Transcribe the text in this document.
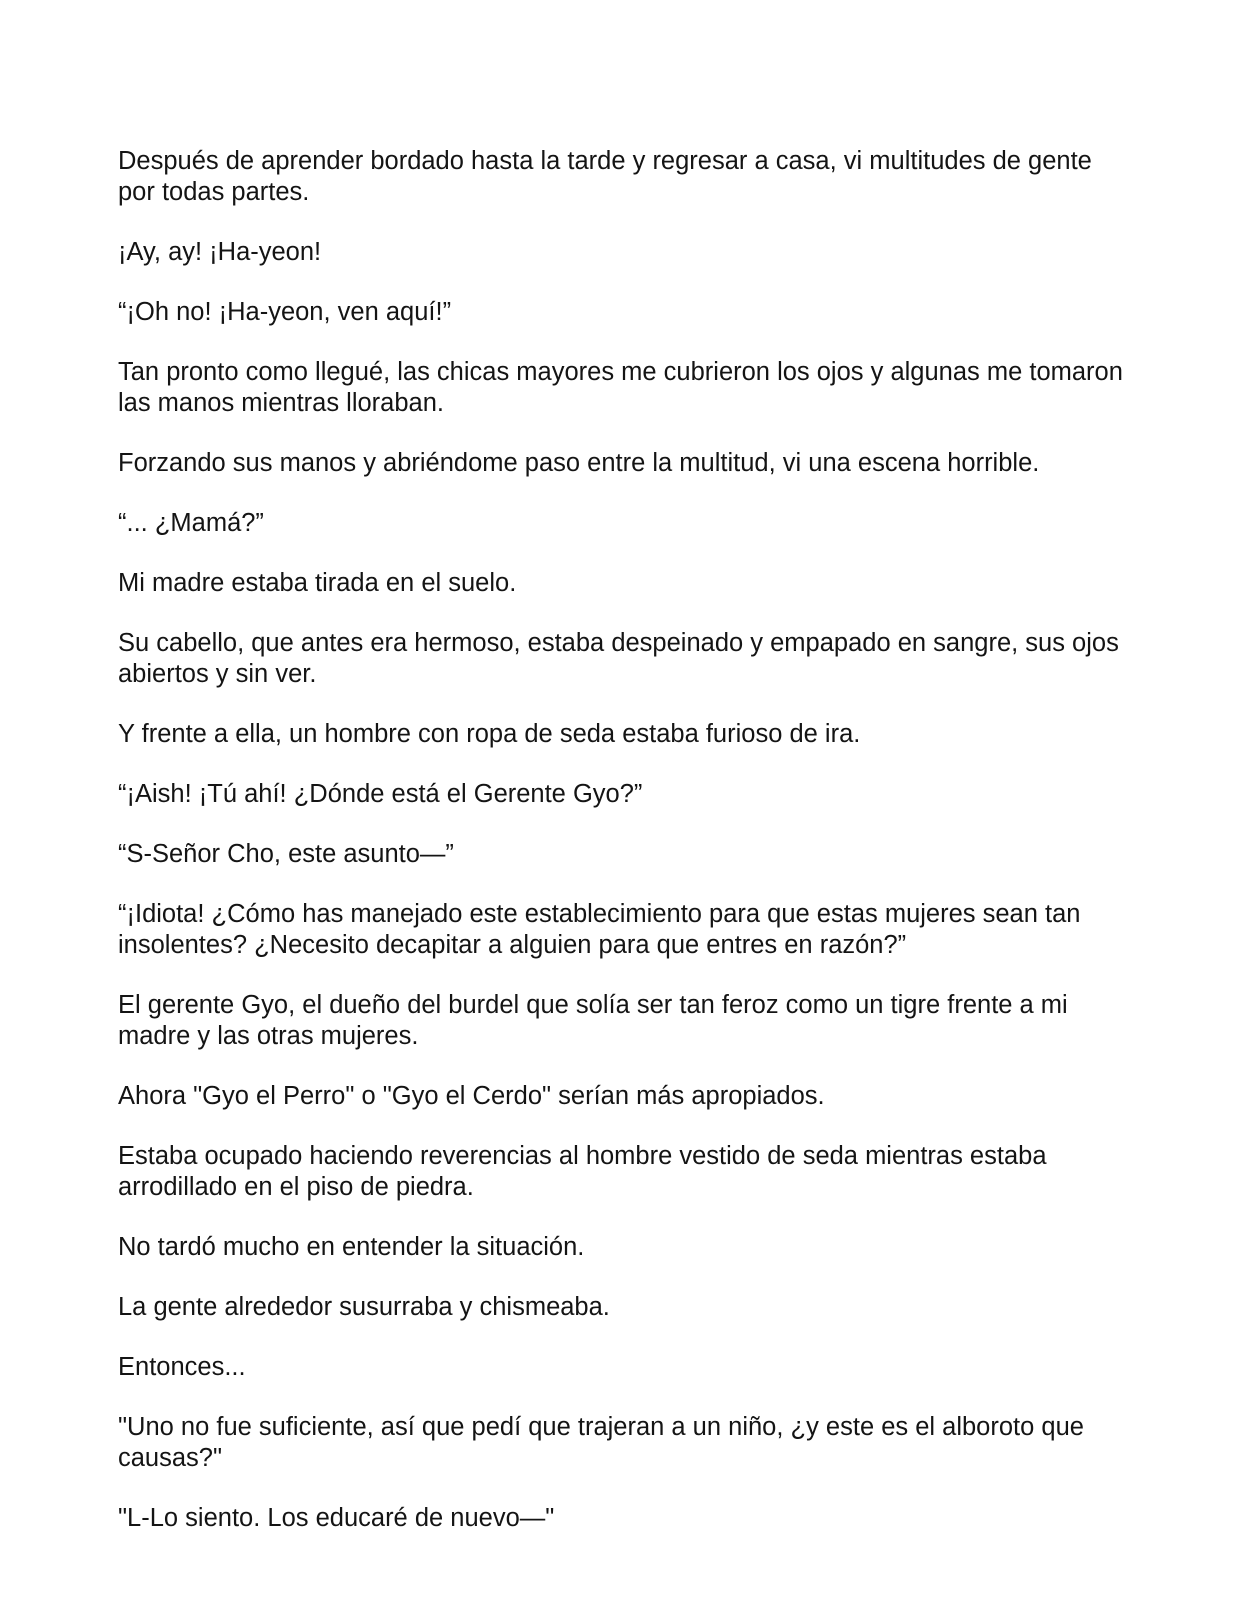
Después de aprender bordado hasta la tarde y regresar a casa, vi multitudes de gente por todas partes.

¡Ay, ay! ¡Ha-yeon!

“¡Oh no! ¡Ha-yeon, ven aquí!”

Tan pronto como llegué, las chicas mayores me cubrieron los ojos y algunas me tomaron las manos mientras lloraban.

Forzando sus manos y abriéndome paso entre la multitud, vi una escena horrible.

“... ¿Mamá?”

Mi madre estaba tirada en el suelo.

Su cabello, que antes era hermoso, estaba despeinado y empapado en sangre, sus ojos abiertos y sin ver.

Y frente a ella, un hombre con ropa de seda estaba furioso de ira.

“¡Aish! ¡Tú ahí! ¿Dónde está el Gerente Gyo?”

“S-Señor Cho, este asunto—”

“¡Idiota! ¿Cómo has manejado este establecimiento para que estas mujeres sean tan insolentes? ¿Necesito decapitar a alguien para que entres en razón?”

El gerente Gyo, el dueño del burdel que solía ser tan feroz como un tigre frente a mi madre y las otras mujeres.

Ahora "Gyo el Perro" o "Gyo el Cerdo" serían más apropiados.

Estaba ocupado haciendo reverencias al hombre vestido de seda mientras estaba arrodillado en el piso de piedra.

No tardó mucho en entender la situación.

La gente alrededor susurraba y chismeaba.

Entonces...

"Uno no fue suficiente, así que pedí que trajeran a un niño, ¿y este es el alboroto que causas?"

"L-Lo siento. Los educaré de nuevo—"
